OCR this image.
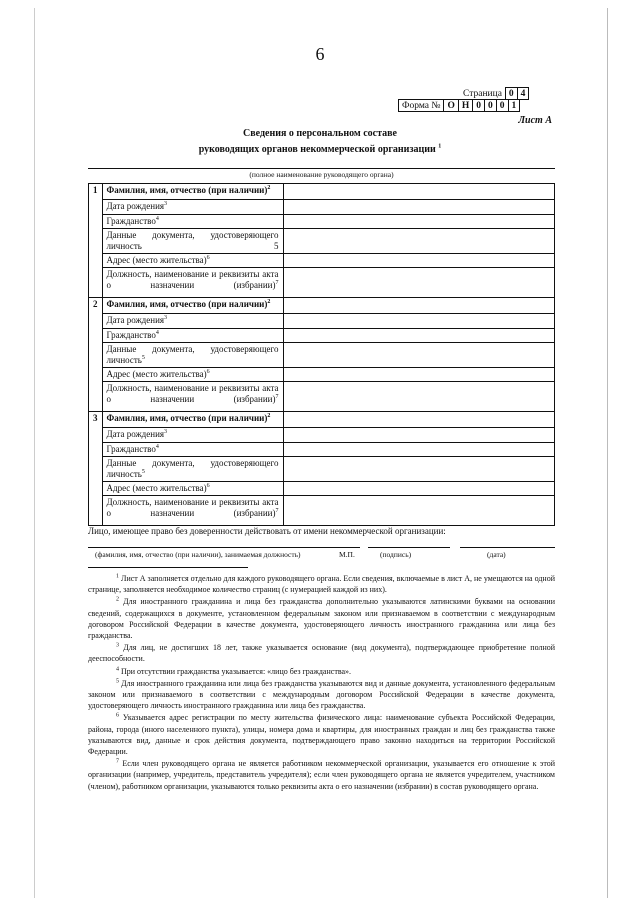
6
Страница	0	4
Форма №	О	Н	0	0	0	1
Лист А
Сведения о персональном составе
руководящих органов некоммерческой организации $^1$
(полное наименование руководящего органа)
1	Фамилия, имя, отчество (при наличии)$^2$	
	Дата рождения$^3$	
	Гражданство$^4$	
	Данные документа, удостоверяющего личность 5	
	Адрес (место жительства)$^6$	
	Должность, наименование и реквизиты акта о назначении (избрании)$^7$	
2	Фамилия, имя, отчество (при наличии)$^2$	
	Дата рождения$^3$	
	Гражданство$^4$	
	Данные документа, удостоверяющего личность$^5$	
	Адрес (место жительства)$^6$	
	Должность, наименование и реквизиты акта о назначении (избрании)$^7$	
3	Фамилия, имя, отчество (при наличии)$^2$	
	Дата рождения$^3$	
	Гражданство$^4$	
	Данные документа, удостоверяющего личность$^5$	
	Адрес (место жительства)$^6$	
	Должность, наименование и реквизиты акта о назначении (избрании)$^7$	
Лицо, имеющее право без доверенности действовать от имени некоммерческой организации:
(фамилия, имя, отчество (при наличии), занимаемая должность)	М.П.	(подпись)	(дата)

$^1$ Лист А заполняется отдельно для каждого руководящего органа. Если сведения, включаемые в лист А, не умещаются на одной странице, заполняется необходимое количество страниц (с нумерацией каждой из них).

$^2$ Для иностранного гражданина и лица без гражданства дополнительно указываются латинскими буквами на основании сведений, содержащихся в документе, установленном федеральным законом или признаваемом в соответствии с международным договором Российской Федерации в качестве документа, удостоверяющего личность иностранного гражданина или лица без гражданства.

$^3$ Для лиц, не достигших 18 лет, также указывается основание (вид документа), подтверждающее приобретение полной дееспособности.

$^4$ При отсутствии гражданства указывается: «лицо без гражданства».

$^5$ Для иностранного гражданина или лица без гражданства указываются вид и данные документа, установленного федеральным законом или признаваемого в соответствии с международным договором Российской Федерации в качестве документа, удостоверяющего личность иностранного гражданина или лица без гражданства.

$^6$ Указывается адрес регистрации по месту жительства физического лица: наименование субъекта Российской Федерации, района, города (иного населенного пункта), улицы, номера дома и квартиры, для иностранных граждан и лиц без гражданства также указываются вид, данные и срок действия документа, подтверждающего право законно находиться на территории Российской Федерации.

$^7$ Если член руководящего органа не является работником некоммерческой организации, указывается его отношение к этой организации (например, учредитель, представитель учредителя); если член руководящего органа не является учредителем, участником (членом), работником организации, указываются только реквизиты акта о его назначении (избрании) в состав руководящего органа.
